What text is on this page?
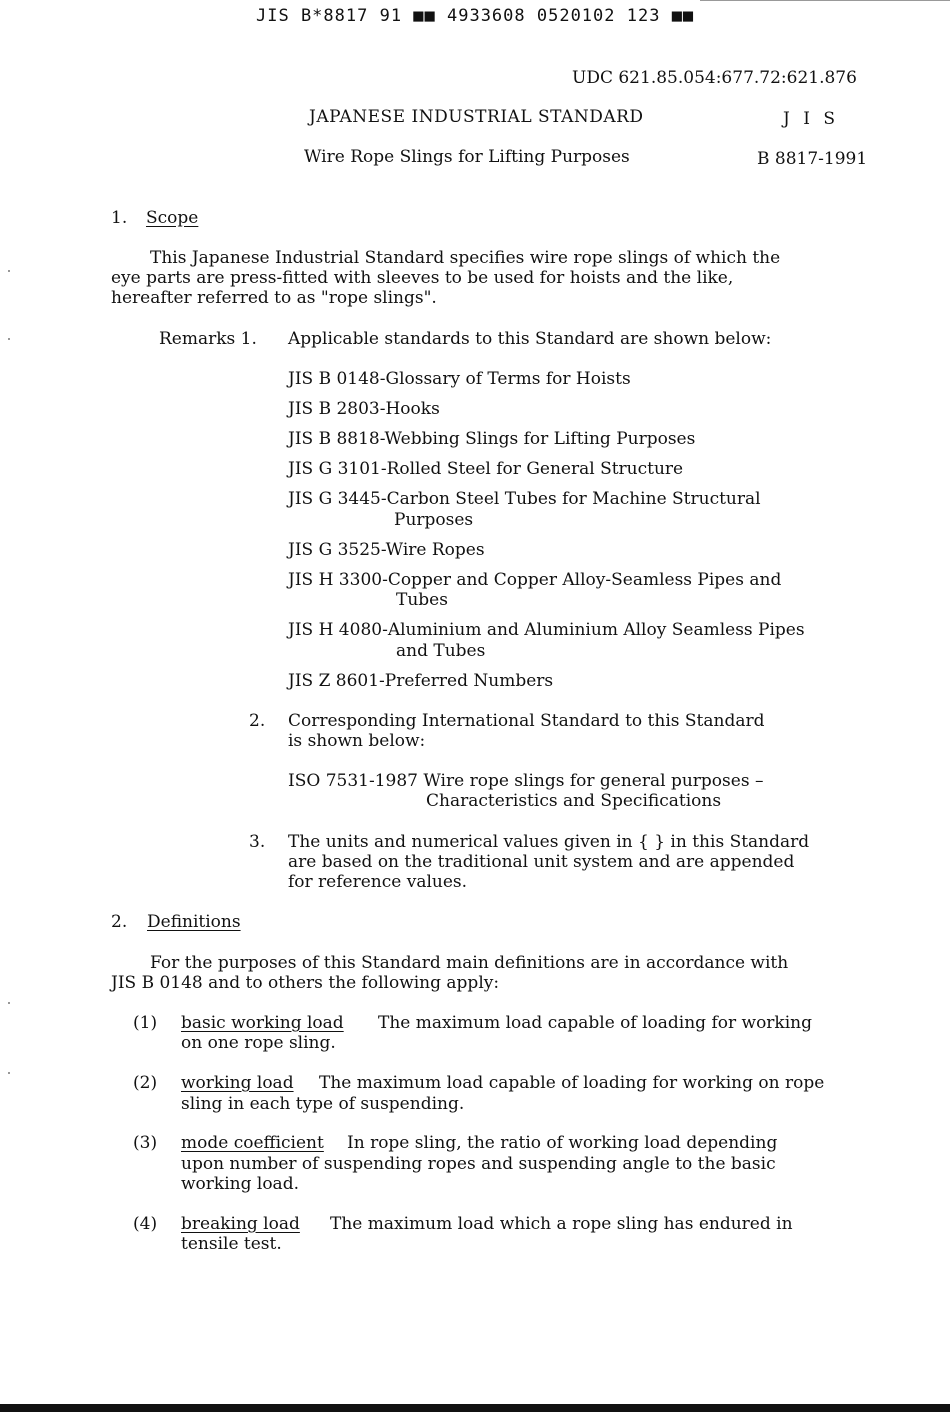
JIS B*8817 91 ■■ 4933608 0520102 123 ■■
UDC 621.85.054:677.72:621.876
JAPANESE INDUSTRIAL STANDARD	J I S
Wire Rope Slings for Lifting Purposes	B 8817-1991
1. Scope
This Japanese Industrial Standard specifies wire rope slings of which the
eye parts are press-fitted with sleeves to be used for hoists and the like,
hereafter referred to as "rope slings".
Remarks 1. Applicable standards to this Standard are shown below:
JIS B 0148-Glossary of Terms for Hoists
JIS B 2803-Hooks
JIS B 8818-Webbing Slings for Lifting Purposes
JIS G 3101-Rolled Steel for General Structure
JIS G 3445-Carbon Steel Tubes for Machine Structural
Purposes
JIS G 3525-Wire Ropes
JIS H 3300-Copper and Copper Alloy-Seamless Pipes and
Tubes
JIS H 4080-Aluminium and Aluminium Alloy Seamless Pipes
and Tubes
JIS Z 8601-Preferred Numbers
2. Corresponding International Standard to this Standard
is shown below:
ISO 7531-1987 Wire rope slings for general purposes –
Characteristics and Specifications
3. The units and numerical values given in { } in this Standard
are based on the traditional unit system and are appended
for reference values.
2. Definitions
For the purposes of this Standard main definitions are in accordance with
JIS B 0148 and to others the following apply:
(1) basic working load The maximum load capable of loading for working
on one rope sling.
(2) working load The maximum load capable of loading for working on rope
sling in each type of suspending.
(3) mode coefficient In rope sling, the ratio of working load depending
upon number of suspending ropes and suspending angle to the basic
working load.
(4) breaking load The maximum load which a rope sling has endured in
tensile test.
